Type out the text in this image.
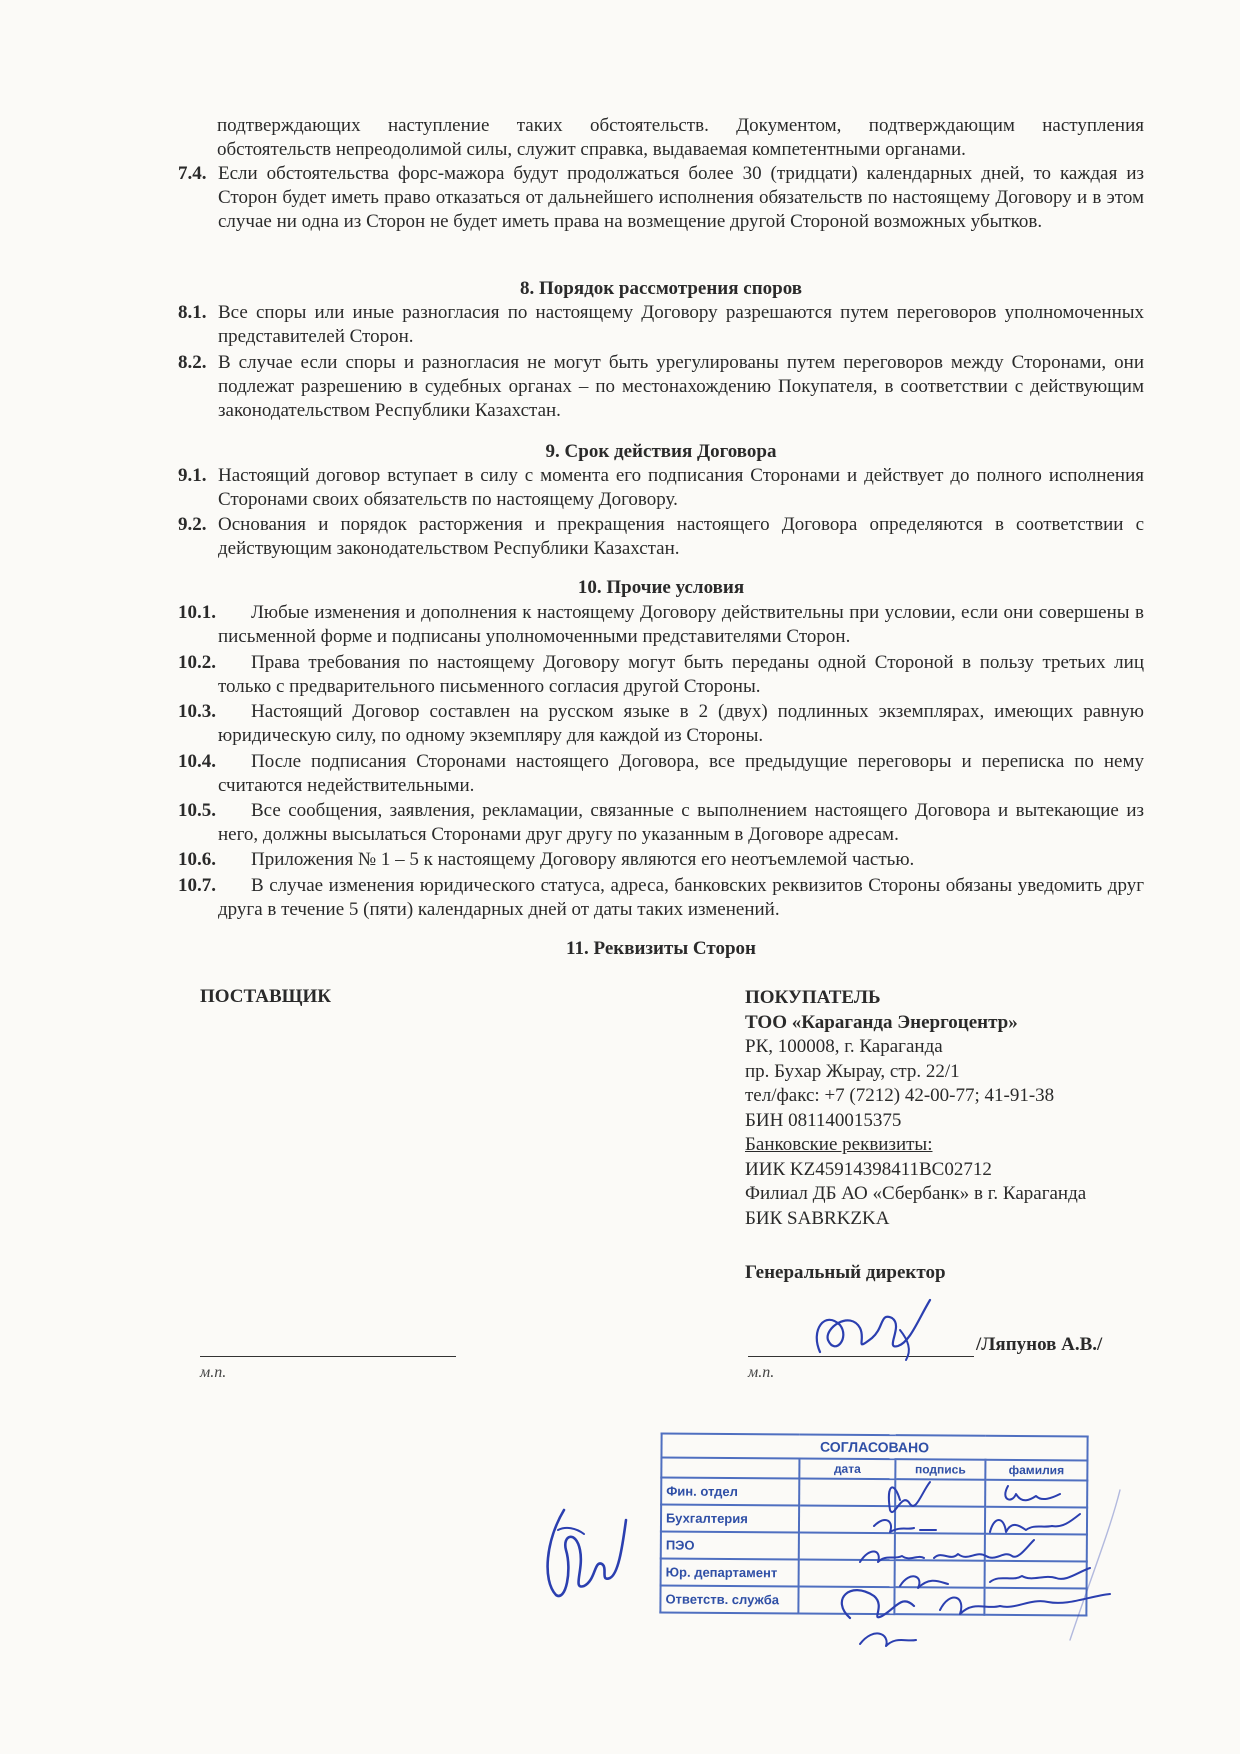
подтверждающих наступление таких обстоятельств. Документом, подтверждающим наступления
обстоятельств непреодолимой силы, служит справка, выдаваемая компетентными органами.
7.4. Если обстоятельства форс-мажора будут продолжаться более 30 (тридцати) календарных дней, то каждая из Сторон будет иметь право отказаться от дальнейшего исполнения обязательств по настоящему Договору и в этом случае ни одна из Сторон не будет иметь права на возмещение другой Стороной возможных убытков.
8. Порядок рассмотрения споров
8.1. Все споры или иные разногласия по настоящему Договору разрешаются путем переговоров уполномоченных представителей Сторон.
8.2. В случае если споры и разногласия не могут быть урегулированы путем переговоров между Сторонами, они подлежат разрешению в судебных органах – по местонахождению Покупателя, в соответствии с действующим законодательством Республики Казахстан.
9. Срок действия Договора
9.1. Настоящий договор вступает в силу с момента его подписания Сторонами и действует до полного исполнения Сторонами своих обязательств по настоящему Договору.
9.2. Основания и порядок расторжения и прекращения настоящего Договора определяются в соответствии с действующим законодательством Республики Казахстан.
10. Прочие условия
10.1.	Любые изменения и дополнения к настоящему Договору действительны при условии, если они совершены в письменной форме и подписаны уполномоченными представителями Сторон.
10.2.	Права требования по настоящему Договору могут быть переданы одной Стороной в пользу третьих лиц только с предварительного письменного согласия другой Стороны.
10.3.	Настоящий Договор составлен на русском языке в 2 (двух) подлинных экземплярах, имеющих равную юридическую силу, по одному экземпляру для каждой из Стороны.
10.4.	После подписания Сторонами настоящего Договора, все предыдущие переговоры и переписка по нему считаются недействительными.
10.5.	Все сообщения, заявления, рекламации, связанные с выполнением настоящего Договора и вытекающие из него, должны высылаться Сторонами друг другу по указанным в Договоре адресам.
10.6.	Приложения № 1 – 5 к настоящему Договору являются его неотъемлемой частью.
10.7.	В случае изменения юридического статуса, адреса, банковских реквизитов Стороны обязаны уведомить друг друга в течение 5 (пяти) календарных дней от даты таких изменений.
11. Реквизиты Сторон
ПОСТАВЩИК	ПОКУПАТЕЛЬ
ТОО «Караганда Энергоцентр»
РК, 100008, г. Караганда
пр. Бухар Жырау, стр. 22/1
тел/факс: +7 (7212) 42-00-77; 41-91-38
БИН 081140015375
Банковские реквизиты:
ИИК KZ45914398411BC02712
Филиал ДБ АО «Сбербанк» в г. Караганда
БИК SABRKZKA
Генеральный директор
м.п.
/Ляпунов А.В./
м.п.
СОГЛАСОВАНО			
	дата	подпись	фамилия
Фин. отдел			
Бухгалтерия			
ПЭО			
Юр. департамент			
Ответств. служба			
